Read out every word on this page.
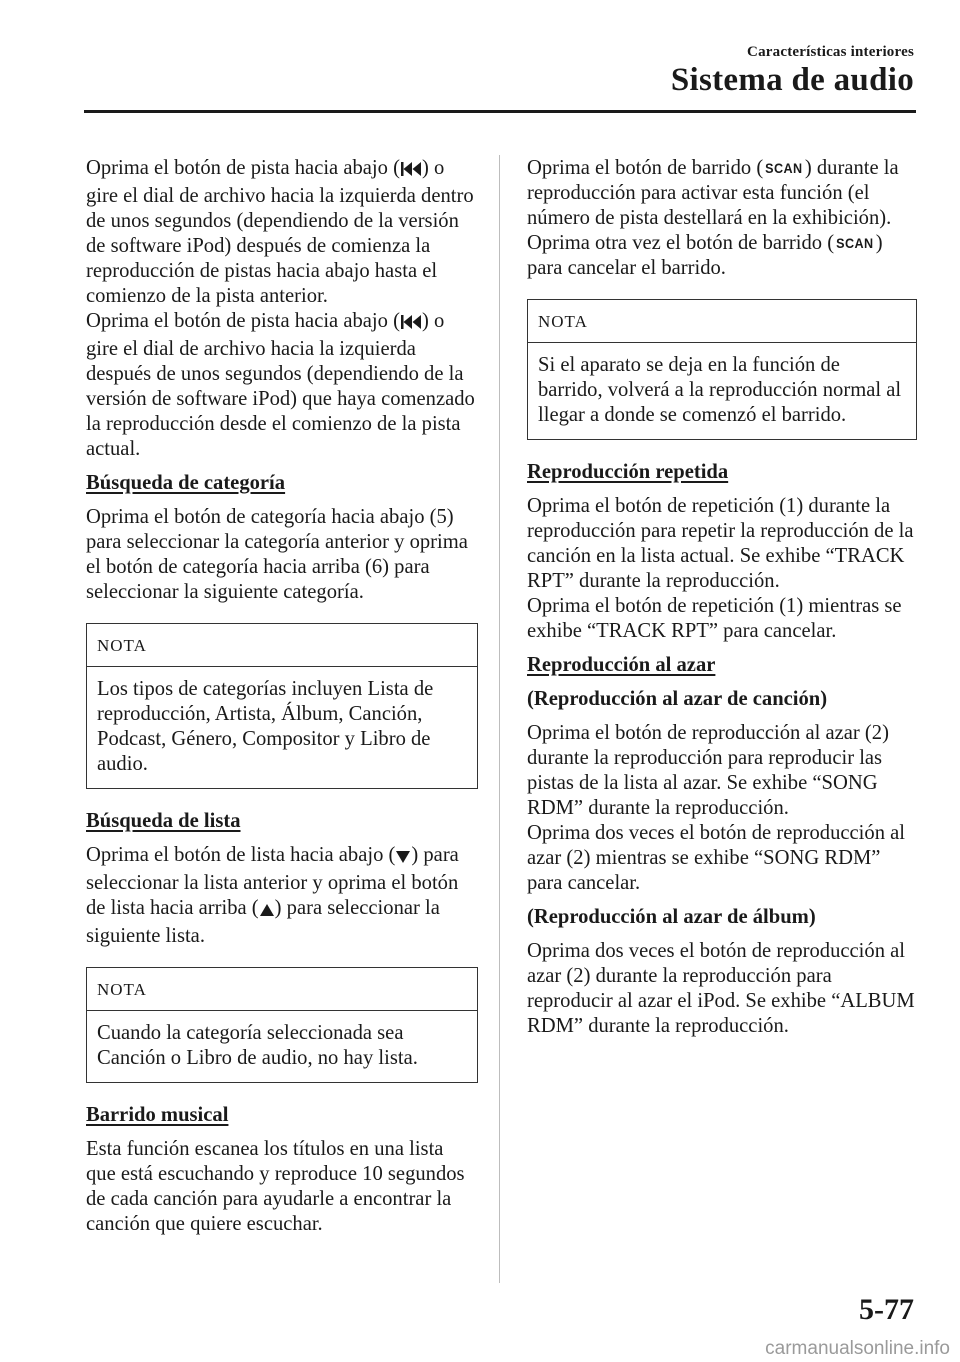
Características interiores
Sistema de audio

Oprima el botón de pista hacia abajo ( ) o gire el dial de archivo hacia la izquierda dentro de unos segundos (dependiendo de la versión de software iPod) después de comienza la reproducción de pistas hacia abajo hasta el comienzo de la pista anterior.

Oprima el botón de pista hacia abajo ( ) o gire el dial de archivo hacia la izquierda después de unos segundos (dependiendo de la versión de software iPod) que haya comenzado la reproducción desde el comienzo de la pista actual.

Búsqueda de categoría

Oprima el botón de categoría hacia abajo (5) para seleccionar la categoría anterior y oprima el botón de categoría hacia arriba (6) para seleccionar la siguiente categoría.

NOTA
Los tipos de categorías incluyen Lista de reproducción, Artista, Álbum, Canción, Podcast, Género, Compositor y Libro de audio.
Búsqueda de lista

Oprima el botón de lista hacia abajo ( ) para seleccionar la lista anterior y oprima el botón de lista hacia arriba ( ) para seleccionar la siguiente lista.

NOTA
Cuando la categoría seleccionada sea Canción o Libro de audio, no hay lista.
Barrido musical

Esta función escanea los títulos en una lista que está escuchando y reproduce 10 segundos de cada canción para ayudarle a encontrar la canción que quiere escuchar.

Oprima el botón de barrido ( SCAN ) durante la reproducción para activar esta función (el número de pista destellará en la exhibición). Oprima otra vez el botón de barrido ( SCAN ) para cancelar el barrido.

NOTA
Si el aparato se deja en la función de barrido, volverá a la reproducción normal al llegar a donde se comenzó el barrido.
Reproducción repetida

Oprima el botón de repetición (1) durante la reproducción para repetir la reproducción de la canción en la lista actual. Se exhibe “TRACK RPT” durante la reproducción.

Oprima el botón de repetición (1) mientras se exhibe “TRACK RPT” para cancelar.

Reproducción al azar
(Reproducción al azar de canción)

Oprima el botón de reproducción al azar (2) durante la reproducción para reproducir las pistas de la lista al azar. Se exhibe “SONG RDM” durante la reproducción.

Oprima dos veces el botón de reproducción al azar (2) mientras se exhibe “SONG RDM” para cancelar.

(Reproducción al azar de álbum)

Oprima dos veces el botón de reproducción al azar (2) durante la reproducción para reproducir al azar el iPod. Se exhibe “ALBUM RDM” durante la reproducción.

5-77
carmanualsonline.info
